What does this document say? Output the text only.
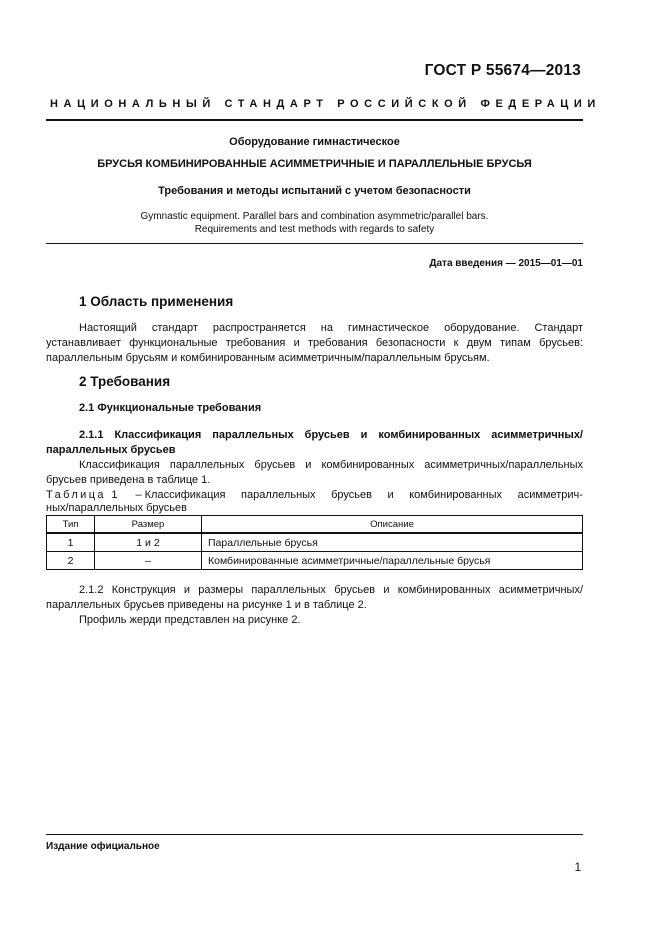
ГОСТ Р 55674—2013
НАЦИОНАЛЬНЫЙ СТАНДАРТ РОССИЙСКОЙ ФЕДЕРАЦИИ
Оборудование гимнастическое
БРУСЬЯ КОМБИНИРОВАННЫЕ АСИММЕТРИЧНЫЕ И ПАРАЛЛЕЛЬНЫЕ БРУСЬЯ
Требования и методы испытаний с учетом безопасности
Gymnastic equipment. Parallel bars and combination asymmetric/parallel bars.
Requirements and test methods with regards to safety
Дата введения — 2015—01—01
1 Область применения
Настоящий стандарт распространяется на гимнастическое оборудование. Стандарт устанавливает функциональные требования и требования безопасности к двум типам брусьев: параллельным брусьям и комбинированным асимметричным/параллельным брусьям.
2 Требования
2.1 Функциональные требования
2.1.1 Классификация параллельных брусьев и комбинированных асимметричных/параллельных брусьев
Классификация параллельных брусьев и комбинированных асимметричных/параллельных брусьев приведена в таблице 1.
Таблица 1 – Классификация параллельных брусьев и комбинированных асимметрич-
ных/параллельных брусьев
Тип	Размер	Описание
1	1 и 2	Параллельные брусья
2	–	Комбинированные асимметричные/параллельные брусья
2.1.2 Конструкция и размеры параллельных брусьев и комбинированных асимметричных/параллельных брусьев приведены на рисунке 1 и в таблице 2.
Профиль жерди представлен на рисунке 2.
Издание официальное
1
